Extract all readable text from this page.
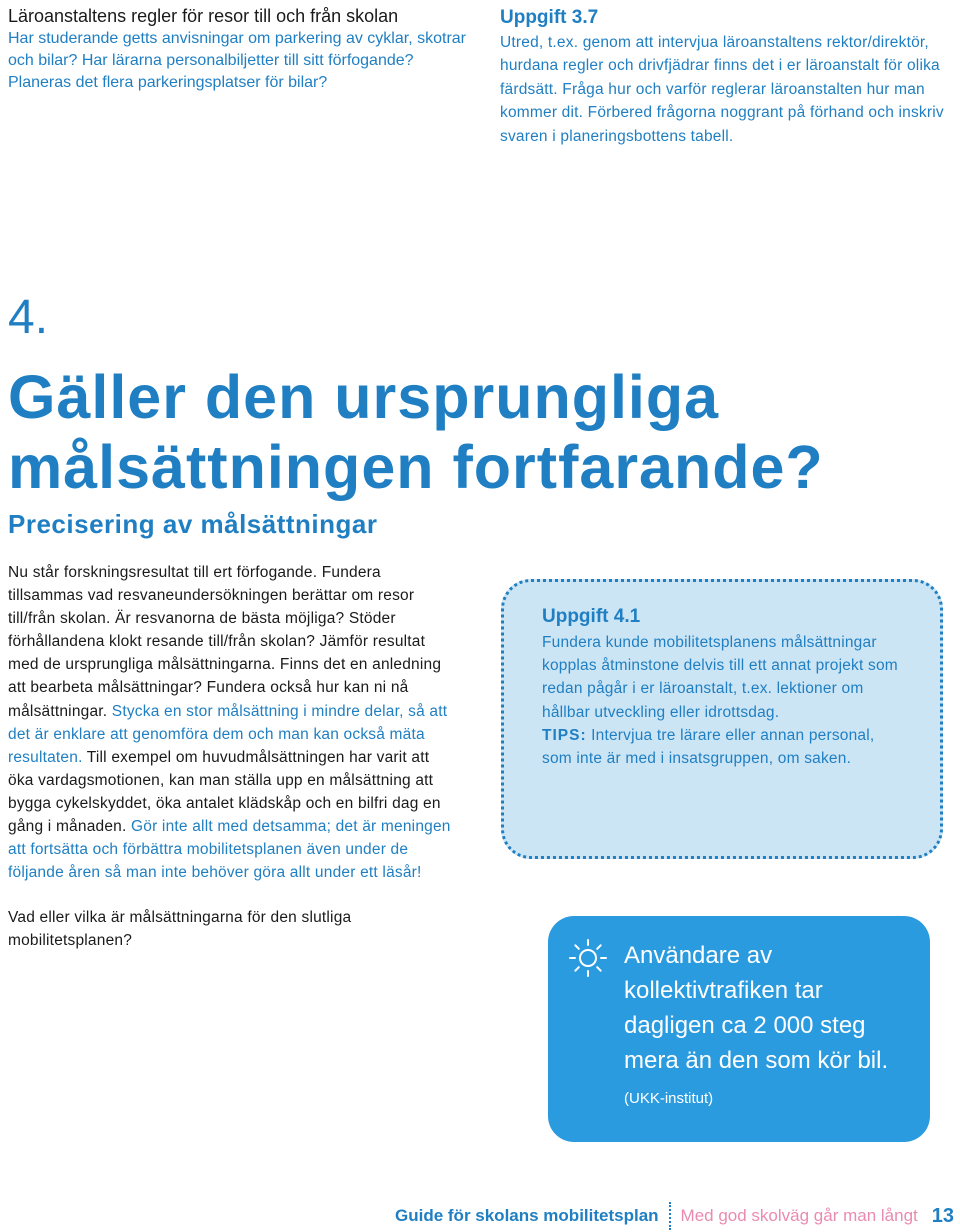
Läroanstaltens regler för resor till och från skolan

Har studerande getts anvisningar om parkering av cyklar, skotrar och bilar? Har lärarna personalbiljetter till sitt förfogande? Planeras det flera parkeringsplatser för bilar?

Uppgift 3.7

Utred, t.ex. genom att intervjua läroanstaltens rektor/direktör, hurdana regler och drivfjädrar finns det i er läroanstalt för olika färdsätt. Fråga hur och varför reglerar läroanstalten hur man kommer dit. Förbered frågorna noggrant på förhand och inskriv svaren i planeringsbottens tabell.

4.
Gäller den ursprungliga målsättningen fortfarande?
Precisering av målsättningar

Nu står forskningsresultat till ert förfogande. Fundera tillsammas vad resvaneundersökningen berättar om resor till/från skolan. Är resvanorna de bästa möjliga? Stöder förhållandena klokt resande till/från skolan? Jämför resultat med de ursprungliga målsättningarna. Finns det en anledning att bearbeta målsättningar? Fundera också hur kan ni nå målsättningar. Stycka en stor målsättning i mindre delar, så att det är enklare att genomföra dem och man kan också mäta resultaten. Till exempel om huvudmålsättningen har varit att öka vardagsmotionen, kan man ställa upp en målsättning att bygga cykelskyddet, öka antalet klädskåp och en bilfri dag en gång i månaden. Gör inte allt med detsamma; det är meningen att fortsätta och förbättra mobilitetsplanen även under de följande åren så man inte behöver göra allt under ett läsår!

Vad eller vilka är målsättningarna för den slutliga mobilitetsplanen?

Uppgift 4.1

Fundera kunde mobilitetsplanens målsättningar kopplas åtminstone delvis till ett annat projekt som redan pågår i er läroanstalt, t.ex. lektioner om hållbar utveckling eller idrottsdag.
TIPS: Intervjua tre lärare eller annan personal, som inte är med i insatsgruppen, om saken.

Användare av kollektivtrafiken tar dagligen ca 2 000 steg mera än den som kör bil.

(UKK-institut)

Guide för skolans mobilitetsplan Med god skolväg går man långt 13
